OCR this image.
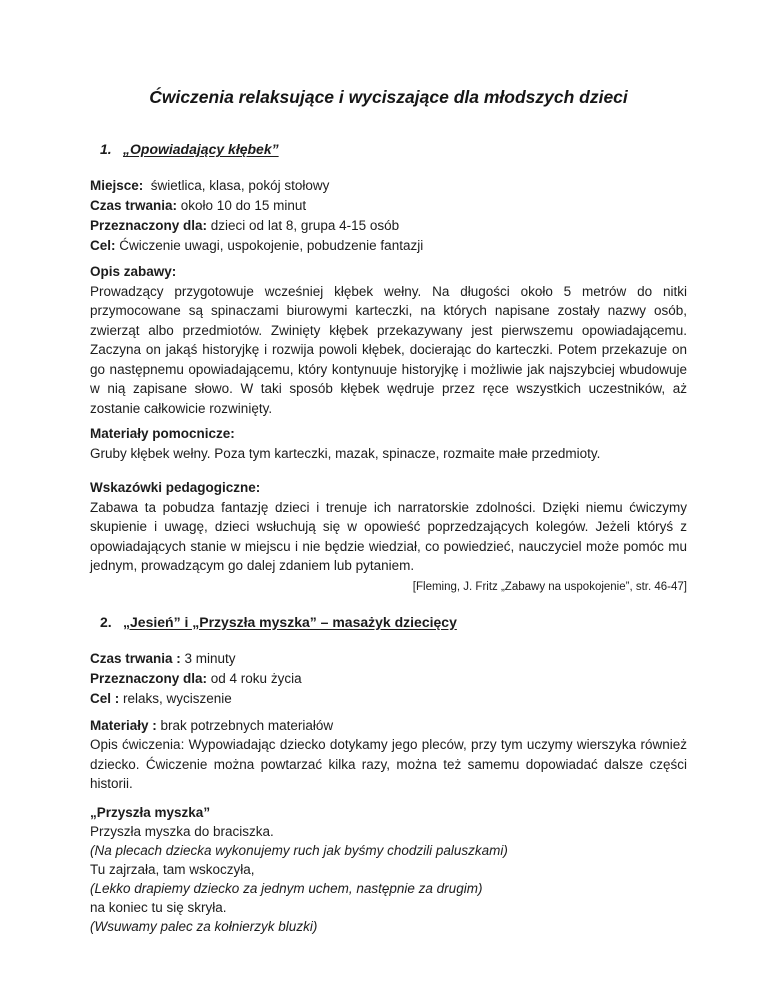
Ćwiczenia relaksujące i wyciszające dla młodszych dzieci
1. „Opowiadający kłębek”
Miejsce:  świetlica, klasa, pokój stołowy
Czas trwania: około 10 do 15 minut
Przeznaczony dla: dzieci od lat 8, grupa 4-15 osób
Cel: Ćwiczenie uwagi, uspokojenie, pobudzenie fantazji
Opis zabawy:
Prowadzący przygotowuje wcześniej kłębek wełny. Na długości około 5 metrów do nitki przymocowane są spinaczami biurowymi karteczki, na których napisane zostały nazwy osób, zwierząt albo przedmiotów. Zwinięty kłębek przekazywany jest pierwszemu opowiadającemu. Zaczyna on jakąś historyjkę i rozwija powoli kłębek, docierając do karteczki. Potem przekazuje on go następnemu opowiadającemu, który kontynuuje historyjkę i możliwie jak najszybciej wbudowuje w nią zapisane słowo. W taki sposób kłębek wędruje przez ręce wszystkich uczestników, aż zostanie całkowicie rozwinięty.
Materiały pomocnicze:
Gruby kłębek wełny. Poza tym karteczki, mazak, spinacze, rozmaite małe przedmioty.
Wskazówki pedagogiczne:
Zabawa ta pobudza fantazję dzieci i trenuje ich narratorskie zdolności. Dzięki niemu ćwiczymy skupienie i uwagę, dzieci wsłuchują się w opowieść poprzedzających kolegów. Jeżeli któryś z opowiadających stanie w miejscu i nie będzie wiedział, co powiedzieć, nauczyciel może pomóc mu jednym, prowadzącym go dalej zdaniem lub pytaniem.
[Fleming, J. Fritz „Zabawy na uspokojenie”, str. 46-47]
2. „Jesień” i „Przyszła myszka” – masażyk dziecięcy
Czas trwania : 3 minuty
Przeznaczony dla: od 4 roku życia
Cel : relaks, wyciszenie
Materiały : brak potrzebnych materiałów
Opis ćwiczenia: Wypowiadając dziecko dotykamy jego pleców, przy tym uczymy wierszyka również dziecko. Ćwiczenie można powtarzać kilka razy, można też samemu dopowiadać dalsze części historii.
„Przyszła myszka”
Przyszła myszka do braciszka.
(Na plecach dziecka wykonujemy ruch jak byśmy chodzili paluszkami)
Tu zajrzała, tam wskoczyła,
(Lekko drapiemy dziecko za jednym uchem, następnie za drugim)
na koniec tu się skryła.
(Wsuwamy palec za kołnierzyk bluzki)
